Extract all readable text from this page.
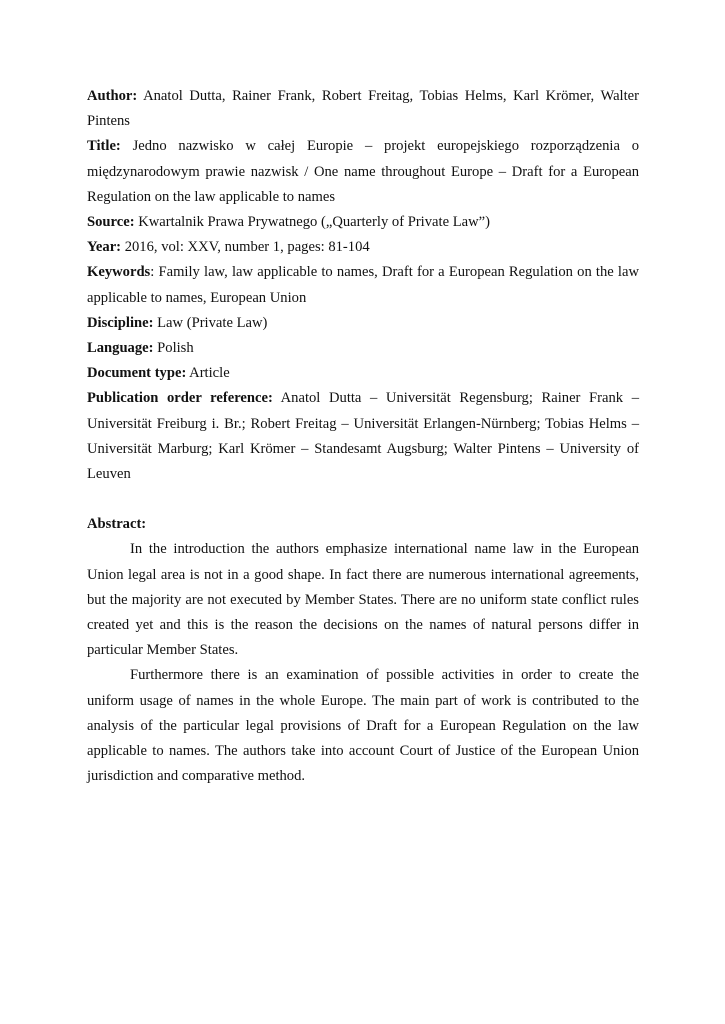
Author: Anatol Dutta, Rainer Frank, Robert Freitag, Tobias Helms, Karl Krömer, Walter Pintens

Title: Jedno nazwisko w całej Europie – projekt europejskiego rozporządzenia o międzynarodowym prawie nazwisk / One name throughout Europe – Draft for a European Regulation on the law applicable to names

Source: Kwartalnik Prawa Prywatnego („Quarterly of Private Law”)

Year: 2016, vol: XXV, number 1, pages: 81-104

Keywords: Family law, law applicable to names, Draft for a European Regulation on the law applicable to names, European Union

Discipline: Law (Private Law)

Language: Polish

Document type: Article

Publication order reference: Anatol Dutta – Universität Regensburg; Rainer Frank – Universität Freiburg i. Br.; Robert Freitag – Universität Erlangen-Nürnberg; Tobias Helms – Universität Marburg; Karl Krömer – Standesamt Augsburg; Walter Pintens – University of Leuven

Abstract:

In the introduction the authors emphasize international name law in the European Union legal area is not in a good shape. In fact there are numerous international agreements, but the majority are not executed by Member States. There are no uniform state conflict rules created yet and this is the reason the decisions on the names of natural persons differ in particular Member States.

Furthermore there is an examination of possible activities in order to create the uniform usage of names in the whole Europe. The main part of work is contributed to the analysis of the particular legal provisions of Draft for a European Regulation on the law applicable to names. The authors take into account Court of Justice of the European Union jurisdiction and comparative method.
